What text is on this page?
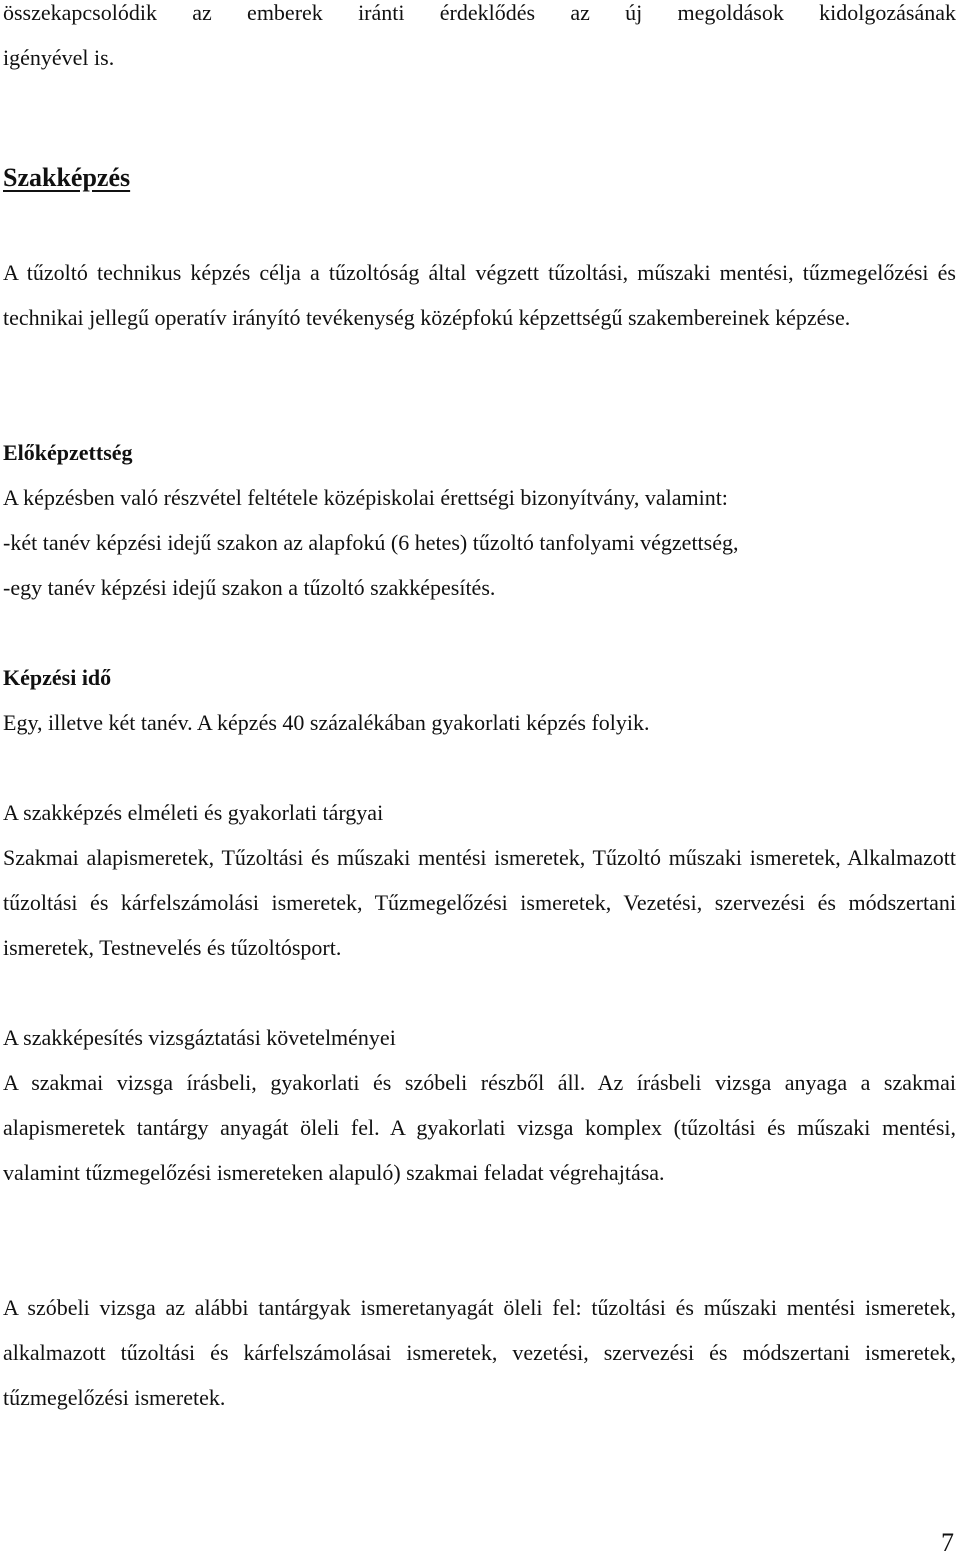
összekapcsolódik az emberek iránti érdeklődés az új megoldások kidolgozásának

igényével is.

Szakképzés

A tűzoltó technikus képzés célja a tűzoltóság által végzett tűzoltási, műszaki mentési, tűzmegelőzési és technikai jellegű operatív irányító tevékenység középfokú képzettségű szakembereinek képzése.

Előképzettség

A képzésben való részvétel feltétele középiskolai érettségi bizonyítvány, valamint:

-két tanév képzési idejű szakon az alapfokú (6 hetes) tűzoltó tanfolyami végzettség,

-egy tanév képzési idejű szakon a tűzoltó szakképesítés.

Képzési idő

Egy, illetve két tanév. A képzés 40 százalékában gyakorlati képzés folyik.

A szakképzés elméleti és gyakorlati tárgyai

Szakmai alapismeretek, Tűzoltási és műszaki mentési ismeretek, Tűzoltó műszaki ismeretek, Alkalmazott tűzoltási és kárfelszámolási ismeretek, Tűzmegelőzési ismeretek, Vezetési, szervezési és módszertani ismeretek, Testnevelés és tűzoltósport.

A szakképesítés vizsgáztatási követelményei

A szakmai vizsga írásbeli, gyakorlati és szóbeli részből áll. Az írásbeli vizsga anyaga a szakmai alapismeretek tantárgy anyagát öleli fel. A gyakorlati vizsga komplex (tűzoltási és műszaki mentési, valamint tűzmegelőzési ismereteken alapuló) szakmai feladat végrehajtása.

A szóbeli vizsga az alábbi tantárgyak ismeretanyagát öleli fel: tűzoltási és műszaki mentési ismeretek, alkalmazott tűzoltási és kárfelszámolásai ismeretek, vezetési, szervezési és módszertani ismeretek, tűzmegelőzési ismeretek.

7
